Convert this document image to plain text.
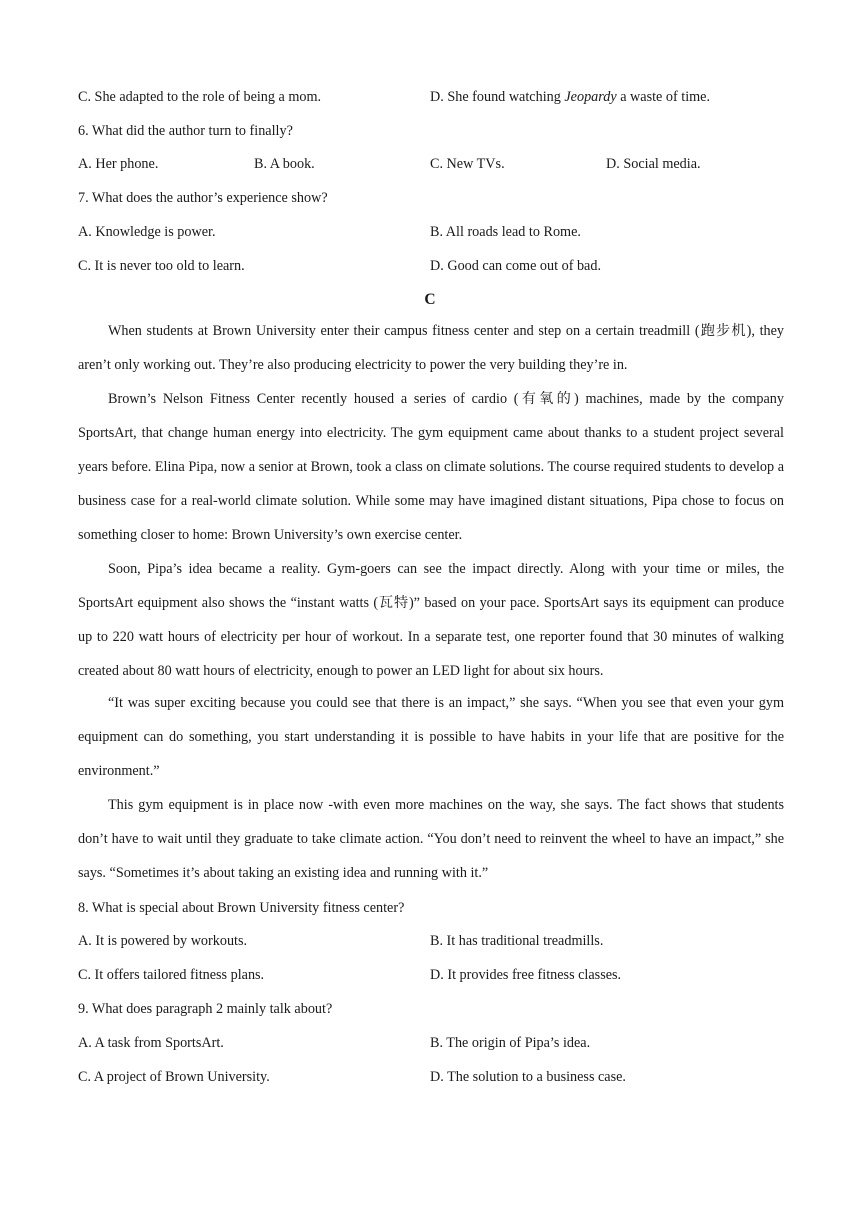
C. She adapted to the role of being a mom.	D. She found watching Jeopardy a waste of time.
6. What did the author turn to finally?
A. Her phone.	B. A book.	C. New TVs.	D. Social media.
7. What does the author’s experience show?
A. Knowledge is power.	B. All roads lead to Rome.
C. It is never too old to learn.	D. Good can come out of bad.
C
When students at Brown University enter their campus fitness center and step on a certain treadmill (跑步机), they aren’t only working out. They’re also producing electricity to power the very building they’re in.
Brown’s Nelson Fitness Center recently housed a series of cardio (有氧的) machines, made by the company SportsArt, that change human energy into electricity. The gym equipment came about thanks to a student project several years before. Elina Pipa, now a senior at Brown, took a class on climate solutions. The course required students to develop a business case for a real-world climate solution. While some may have imagined distant situations, Pipa chose to focus on something closer to home: Brown University’s own exercise center.
Soon, Pipa’s idea became a reality. Gym-goers can see the impact directly. Along with your time or miles, the SportsArt equipment also shows the “instant watts (瓦特)” based on your pace. SportsArt says its equipment can produce up to 220 watt hours of electricity per hour of workout. In a separate test, one reporter found that 30 minutes of walking created about 80 watt hours of electricity, enough to power an LED light for about six hours.
“It was super exciting because you could see that there is an impact,” she says. “When you see that even your gym equipment can do something, you start understanding it is possible to have habits in your life that are positive for the environment.”
This gym equipment is in place now -with even more machines on the way, she says. The fact shows that students don’t have to wait until they graduate to take climate action. “You don’t need to reinvent the wheel to have an impact,” she says. “Sometimes it’s about taking an existing idea and running with it.”
8. What is special about Brown University fitness center?
A. It is powered by workouts.	B. It has traditional treadmills.
C. It offers tailored fitness plans.	D. It provides free fitness classes.
9. What does paragraph 2 mainly talk about?
A. A task from SportsArt.	B. The origin of Pipa’s idea.
C. A project of Brown University.	D. The solution to a business case.
